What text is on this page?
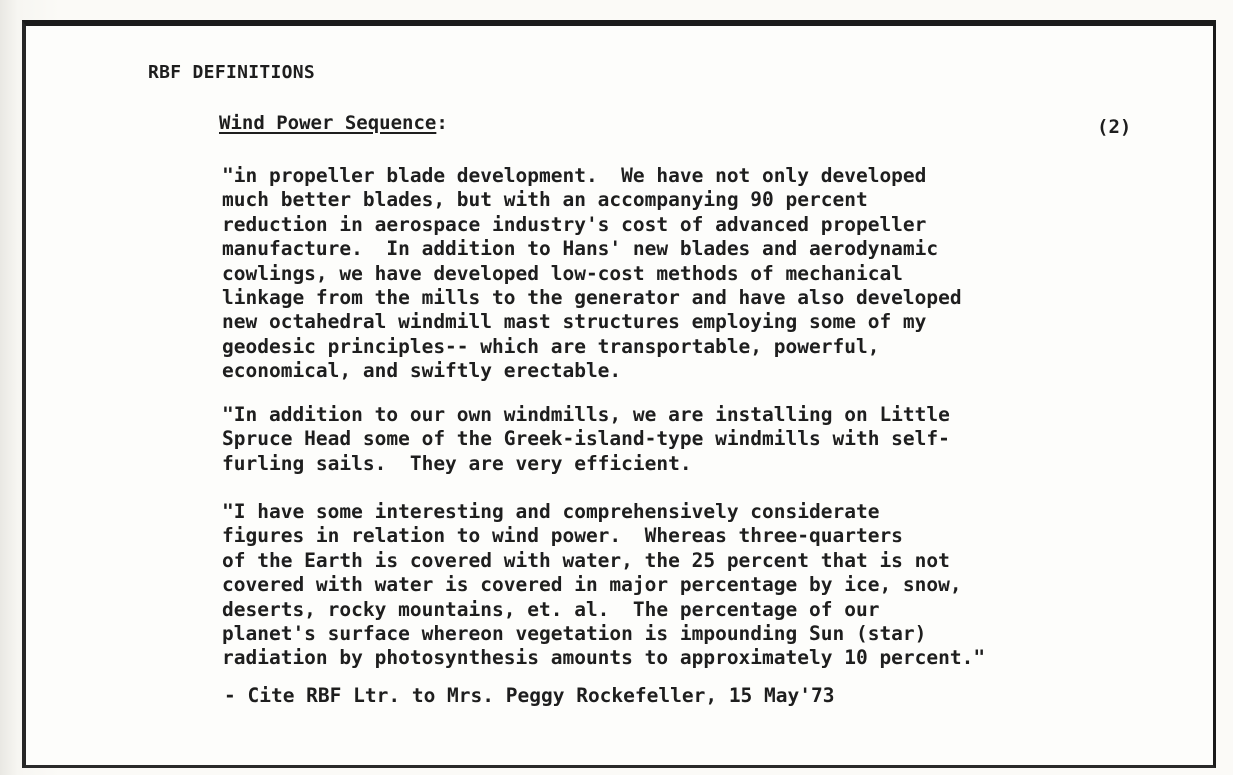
RBF DEFINITIONS
Wind Power Sequence:	(2)

"in propeller blade development.  We have not only developed
much better blades, but with an accompanying 90 percent
reduction in aerospace industry's cost of advanced propeller
manufacture.  In addition to Hans' new blades and aerodynamic
cowlings, we have developed low-cost methods of mechanical
linkage from the mills to the generator and have also developed
new octahedral windmill mast structures employing some of my
geodesic principles-- which are transportable, powerful,
economical, and swiftly erectable.

"In addition to our own windmills, we are installing on Little
Spruce Head some of the Greek-island-type windmills with self-
furling sails.  They are very efficient.

"I have some interesting and comprehensively considerate
figures in relation to wind power.  Whereas three-quarters
of the Earth is covered with water, the 25 percent that is not
covered with water is covered in major percentage by ice, snow,
deserts, rocky mountains, et. al.  The percentage of our
planet's surface whereon vegetation is impounding Sun (star)
radiation by photosynthesis amounts to approximately 10 percent."

- Cite RBF Ltr. to Mrs. Peggy Rockefeller, 15 May'73
